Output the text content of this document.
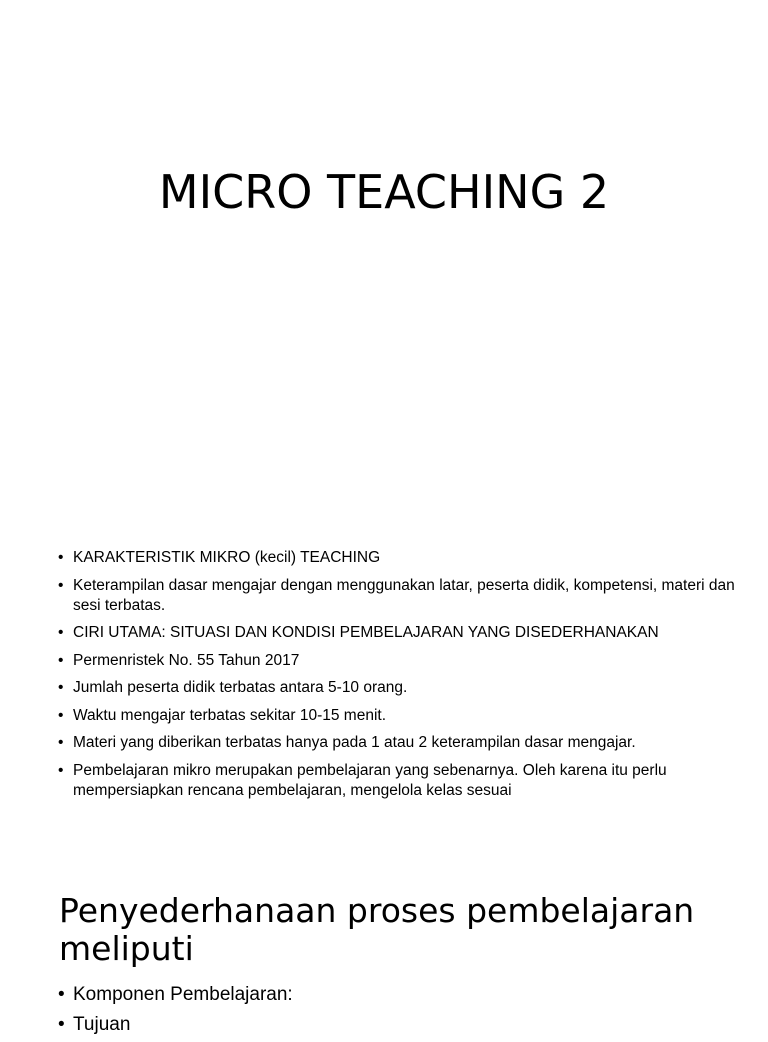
MICRO TEACHING 2
• KARAKTERISTIK MIKRO (kecil) TEACHING
• Keterampilan dasar mengajar dengan menggunakan latar, peserta didik, kompetensi, materi dan sesi terbatas.
• CIRI UTAMA: SITUASI DAN KONDISI PEMBELAJARAN YANG DISEDERHANAKAN
• Permenristek No. 55 Tahun 2017
• Jumlah peserta didik terbatas antara 5-10 orang.
• Waktu mengajar terbatas sekitar 10-15 menit.
• Materi yang diberikan terbatas hanya pada 1 atau 2 keterampilan dasar mengajar.
• Pembelajaran mikro merupakan pembelajaran yang sebenarnya. Oleh karena itu perlu mempersiapkan rencana pembelajaran, mengelola kelas sesuai
Penyederhanaan proses pembelajaran meliputi
• Komponen Pembelajaran:
• Tujuan
